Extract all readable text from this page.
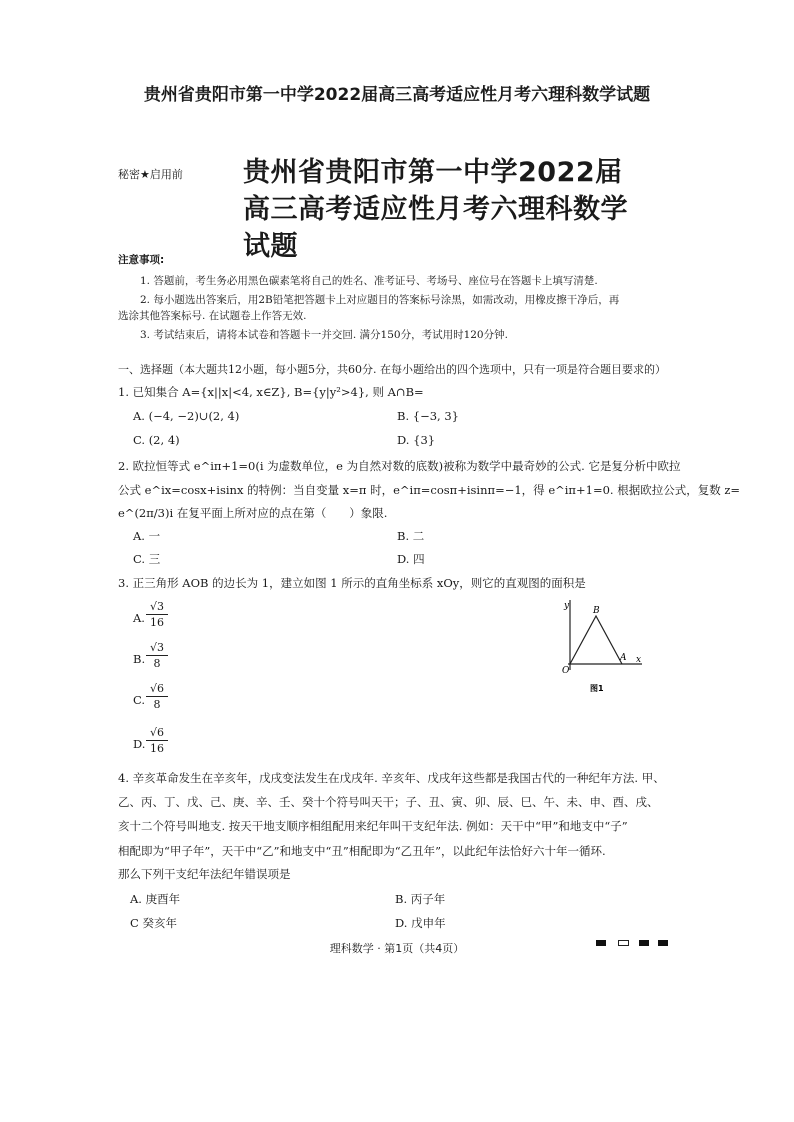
贵州省贵阳市第一中学2022届高三高考适应性月考六理科数学试题
秘密★启用前 贵州省贵阳市第一中学2022届
高三高考适应性月考六理科数学
试题
注意事项:
1. 答题前，考生务必用黑色碳素笔将自己的姓名、准考证号、考场号、座位号在答题卡上填写清楚.
2. 每小题选出答案后，用2B铅笔把答题卡上对应题目的答案标号涂黑，如需改动，用橡皮擦干净后，再
选涂其他答案标号. 在试题卷上作答无效.
3. 考试结束后，请将本试卷和答题卡一并交回. 满分150分，考试用时120分钟.
一、选择题（本大题共12小题，每小题5分，共60分. 在每小题给出的四个选项中，只有一项是符合题目要求的）
1. 已知集合 A={x||x|<4, x∈Z}, B={y|y²>4}, 则 A∩B=
A. (−4, −2)∪(2, 4)	B. {−3, 3}
C. (2, 4)	D. {3}
2. 欧拉恒等式 e^iπ+1=0(i 为虚数单位，e 为自然对数的底数)被称为数学中最奇妙的公式. 它是复分析中欧拉
公式 e^ix=cosx+isinx 的特例：当自变量 x=π 时，e^iπ=cosπ+isinπ=−1，得 e^iπ+1=0. 根据欧拉公式，复数 z=
e^(2π/3)i 在复平面上所对应的点在第（　　）象限.
A. 一	B. 二
C. 三	D. 四
3. 正三角形 AOB 的边长为 1，建立如图 1 所示的直角坐标系 xOy，则它的直观图的面积是
A. $\frac{√3}{16}$
B. $\frac{√3}{8}$
C. $\frac{√6}{8}$
D. $\frac{√6}{16}$
y
x
O
A
B
图1
4. 辛亥革命发生在辛亥年，戊戌变法发生在戊戌年. 辛亥年、戊戌年这些都是我国古代的一种纪年方法. 甲、
乙、丙、丁、戊、己、庚、辛、壬、癸十个符号叫天干；子、丑、寅、卯、辰、巳、午、未、申、酉、戌、
亥十二个符号叫地支. 按天干地支顺序相组配用来纪年叫干支纪年法. 例如：天干中“甲”和地支中“子”
相配即为“甲子年”，天干中“乙”和地支中“丑”相配即为“乙丑年”，以此纪年法恰好六十年一循环.
那么下列干支纪年法纪年错误项是
A. 庚酉年	B. 丙子年
C 癸亥年	D. 戊申年
理科数学 · 第1页（共4页）
